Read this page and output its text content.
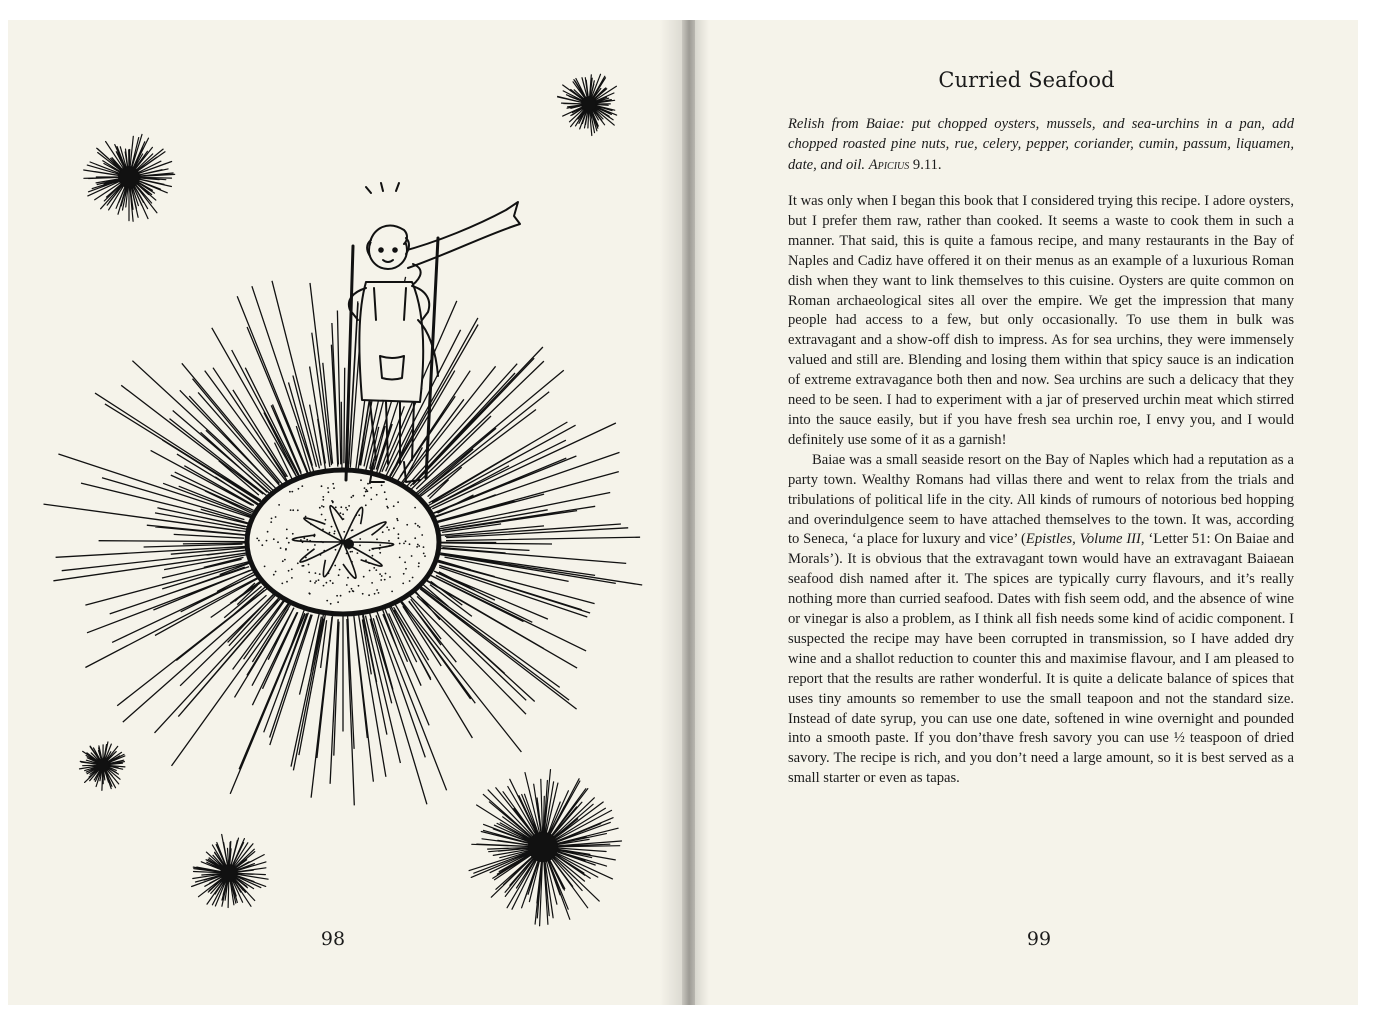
98
Curried Seafood

Relish from Baiae: put chopped oysters, mussels, and sea-urchins in a pan, add chopped roasted pine nuts, rue, celery, pepper, coriander, cumin, passum, liquamen, date, and oil. Apicius 9.11.

It was only when I began this book that I considered trying this recipe. I adore oysters, but I prefer them raw, rather than cooked. It seems a waste to cook them in such a manner. That said, this is quite a famous recipe, and many restaurants in the Bay of Naples and Cadiz have offered it on their menus as an example of a luxurious Roman dish when they want to link themselves to this cuisine. Oysters are quite common on Roman archaeological sites all over the empire. We get the impression that many people had access to a few, but only occasionally. To use them in bulk was extravagant and a show-off dish to impress. As for sea urchins, they were immensely valued and still are. Blending and losing them within that spicy sauce is an indication of extreme extravagance both then and now. Sea urchins are such a delicacy that they need to be seen. I had to experiment with a jar of preserved urchin meat which stirred into the sauce easily, but if you have fresh sea urchin roe, I envy you, and I would definitely use some of it as a garnish!

Baiae was a small seaside resort on the Bay of Naples which had a reputation as a party town. Wealthy Romans had villas there and went to relax from the trials and tribulations of political life in the city. All kinds of rumours of notorious bed hopping and overindulgence seem to have attached themselves to the town. It was, according to Seneca, ‘a place for luxury and vice’ (Epistles, Volume III, ‘Letter 51: On Baiae and Morals’). It is obvious that the extravagant town would have an extravagant Baiaean seafood dish named after it. The spices are typically curry flavours, and it’s really nothing more than curried seafood. Dates with fish seem odd, and the absence of wine or vinegar is also a problem, as I think all fish needs some kind of acidic component. I suspected the recipe may have been corrupted in transmission, so I have added dry wine and a shallot reduction to counter this and maximise flavour, and I am pleased to report that the results are rather wonderful. It is quite a delicate balance of spices that uses tiny amounts so remember to use the small teapoon and not the standard size. Instead of date syrup, you can use one date, softened in wine overnight and pounded into a smooth paste. If you don’thave fresh savory you can use ½ teaspoon of dried savory. The recipe is rich, and you don’t need a large amount, so it is best served as a small starter or even as tapas.

99
